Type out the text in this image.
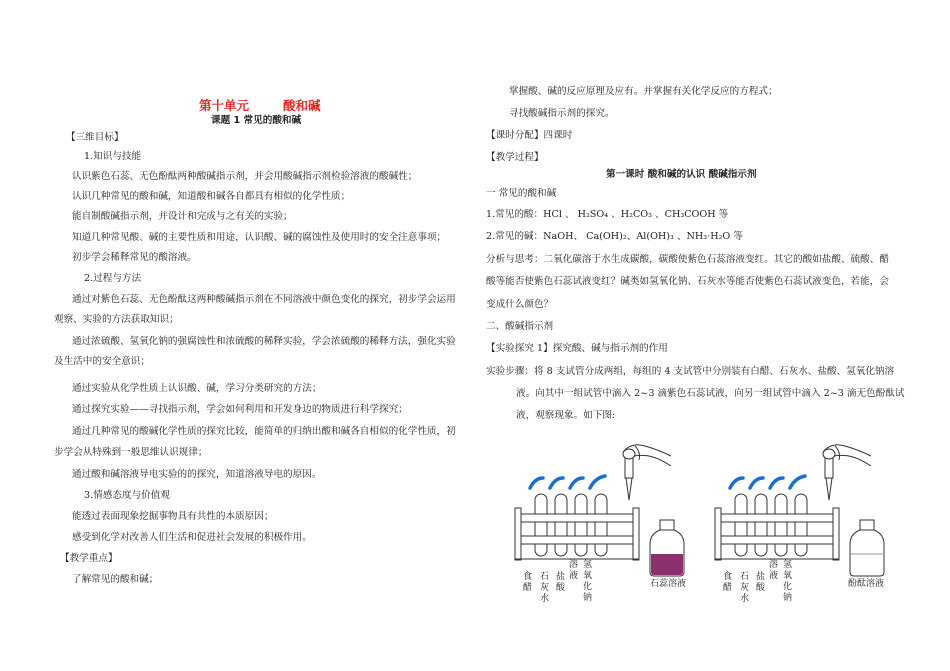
第十单元	酸和碱
课题 1 常见的酸和碱
【三维目标】
1.知识与技能
认识紫色石蕊、无色酚酞两种酸碱指示剂，并会用酸碱指示剂检验溶液的酸碱性；
认识几种常见的酸和碱，知道酸和碱各自都具有相似的化学性质；
能自制酸碱指示剂，并设计和完成与之有关的实验；
知道几种常见酸、碱的主要性质和用途，认识酸、碱的腐蚀性及使用时的安全注意事项；
初步学会稀释常见的酸溶液。
2.过程与方法
通过对紫色石蕊、无色酚酞这两种酸碱指示剂在不同溶液中颜色变化的探究，初步学会运用
观察、实验的方法获取知识；
通过浓硫酸、氢氧化钠的强腐蚀性和浓硫酸的稀释实验，学会浓硫酸的稀释方法，强化实验
及生活中的安全意识；
通过实验从化学性质上认识酸、碱，学习分类研究的方法；
通过探究实验——寻找指示剂，学会如何利用和开发身边的物质进行科学探究；
通过几种常见的酸碱化学性质的探究比较，能简单的归纳出酸和碱各自相似的化学性质，初
步学会从特殊到一般思维认识规律；
通过酸和碱溶液导电实验的的探究，知道溶液导电的原因。
3.情感态度与价值观
能透过表面现象挖掘事物具有共性的本质原因；
感受到化学对改善人们生活和促进社会发展的积极作用。
【教学重点】
了解常见的酸和碱；
掌握酸、碱的反应原理及应有。并掌握有关化学反应的方程式；
寻找酸碱指示剂的探究。
【课时分配】四课时
【教学过程】
第一课时 酸和碱的认识 酸碱指示剂
一 常见的酸和碱
1.常见的酸：HCl 、 H₂SO₄ 、H₂CO₃ 、CH₃COOH 等
2.常见的碱：NaOH、 Ca(OH)₂、Al(OH)₃ 、NH₃·H₂O 等
分析与思考：二氧化碳溶于水生成碳酸，碳酸使紫色石蕊溶液变红。其它的酸如盐酸、硫酸、醋
酸等能否使紫色石蕊试液变红？碱类如氢氧化钠、石灰水等能否使紫色石蕊试液变色，若能，会
变成什么颜色？
二、酸碱指示剂
【实验探究 1】探究酸、碱与指示剂的作用
实验步骤：将 8 支试管分成两组，每组的 4 支试管中分别装有白醋、石灰水、盐酸、氢氧化钠溶
液。向其中一组试管中滴入 2~3 滴紫色石蕊试液，向另一组试管中滴入 2~3 滴无色酚酞试
液，观察现象。如下图:
食醋
石灰水
盐酸
溶液
氢氧化钠
石蕊溶液
食醋
石灰水
盐酸
溶液
氢氧化钠
酚酞溶液
